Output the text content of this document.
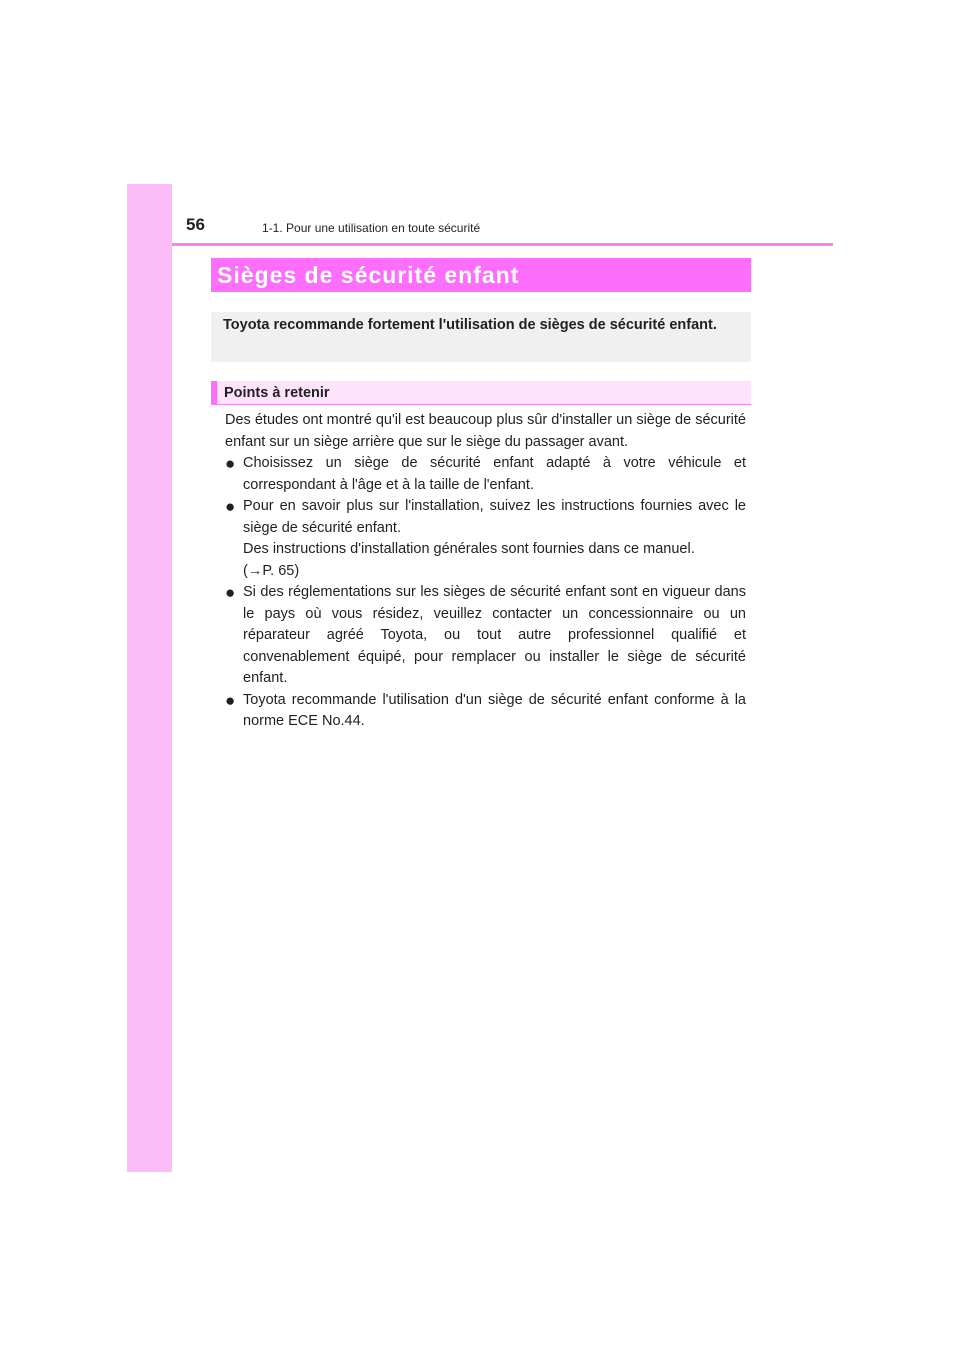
56	1-1. Pour une utilisation en toute sécurité
Sièges de sécurité enfant
Toyota recommande fortement l'utilisation de sièges de sécurité enfant.
Points à retenir

Des études ont montré qu'il est beaucoup plus sûr d'installer un siège de sécurité enfant sur un siège arrière que sur le siège du passager avant.

● Choisissez un siège de sécurité enfant adapté à votre véhicule et correspondant à l'âge et à la taille de l'enfant.

● Pour en savoir plus sur l'installation, suivez les instructions fournies avec le siège de sécurité enfant.

Des instructions d'installation générales sont fournies dans ce manuel.

(→P. 65)

● Si des réglementations sur les sièges de sécurité enfant sont en vigueur dans le pays où vous résidez, veuillez contacter un concessionnaire ou un réparateur agréé Toyota, ou tout autre professionnel qualifié et convenablement équipé, pour remplacer ou installer le siège de sécurité enfant.

● Toyota recommande l'utilisation d'un siège de sécurité enfant conforme à la norme ECE No.44.
